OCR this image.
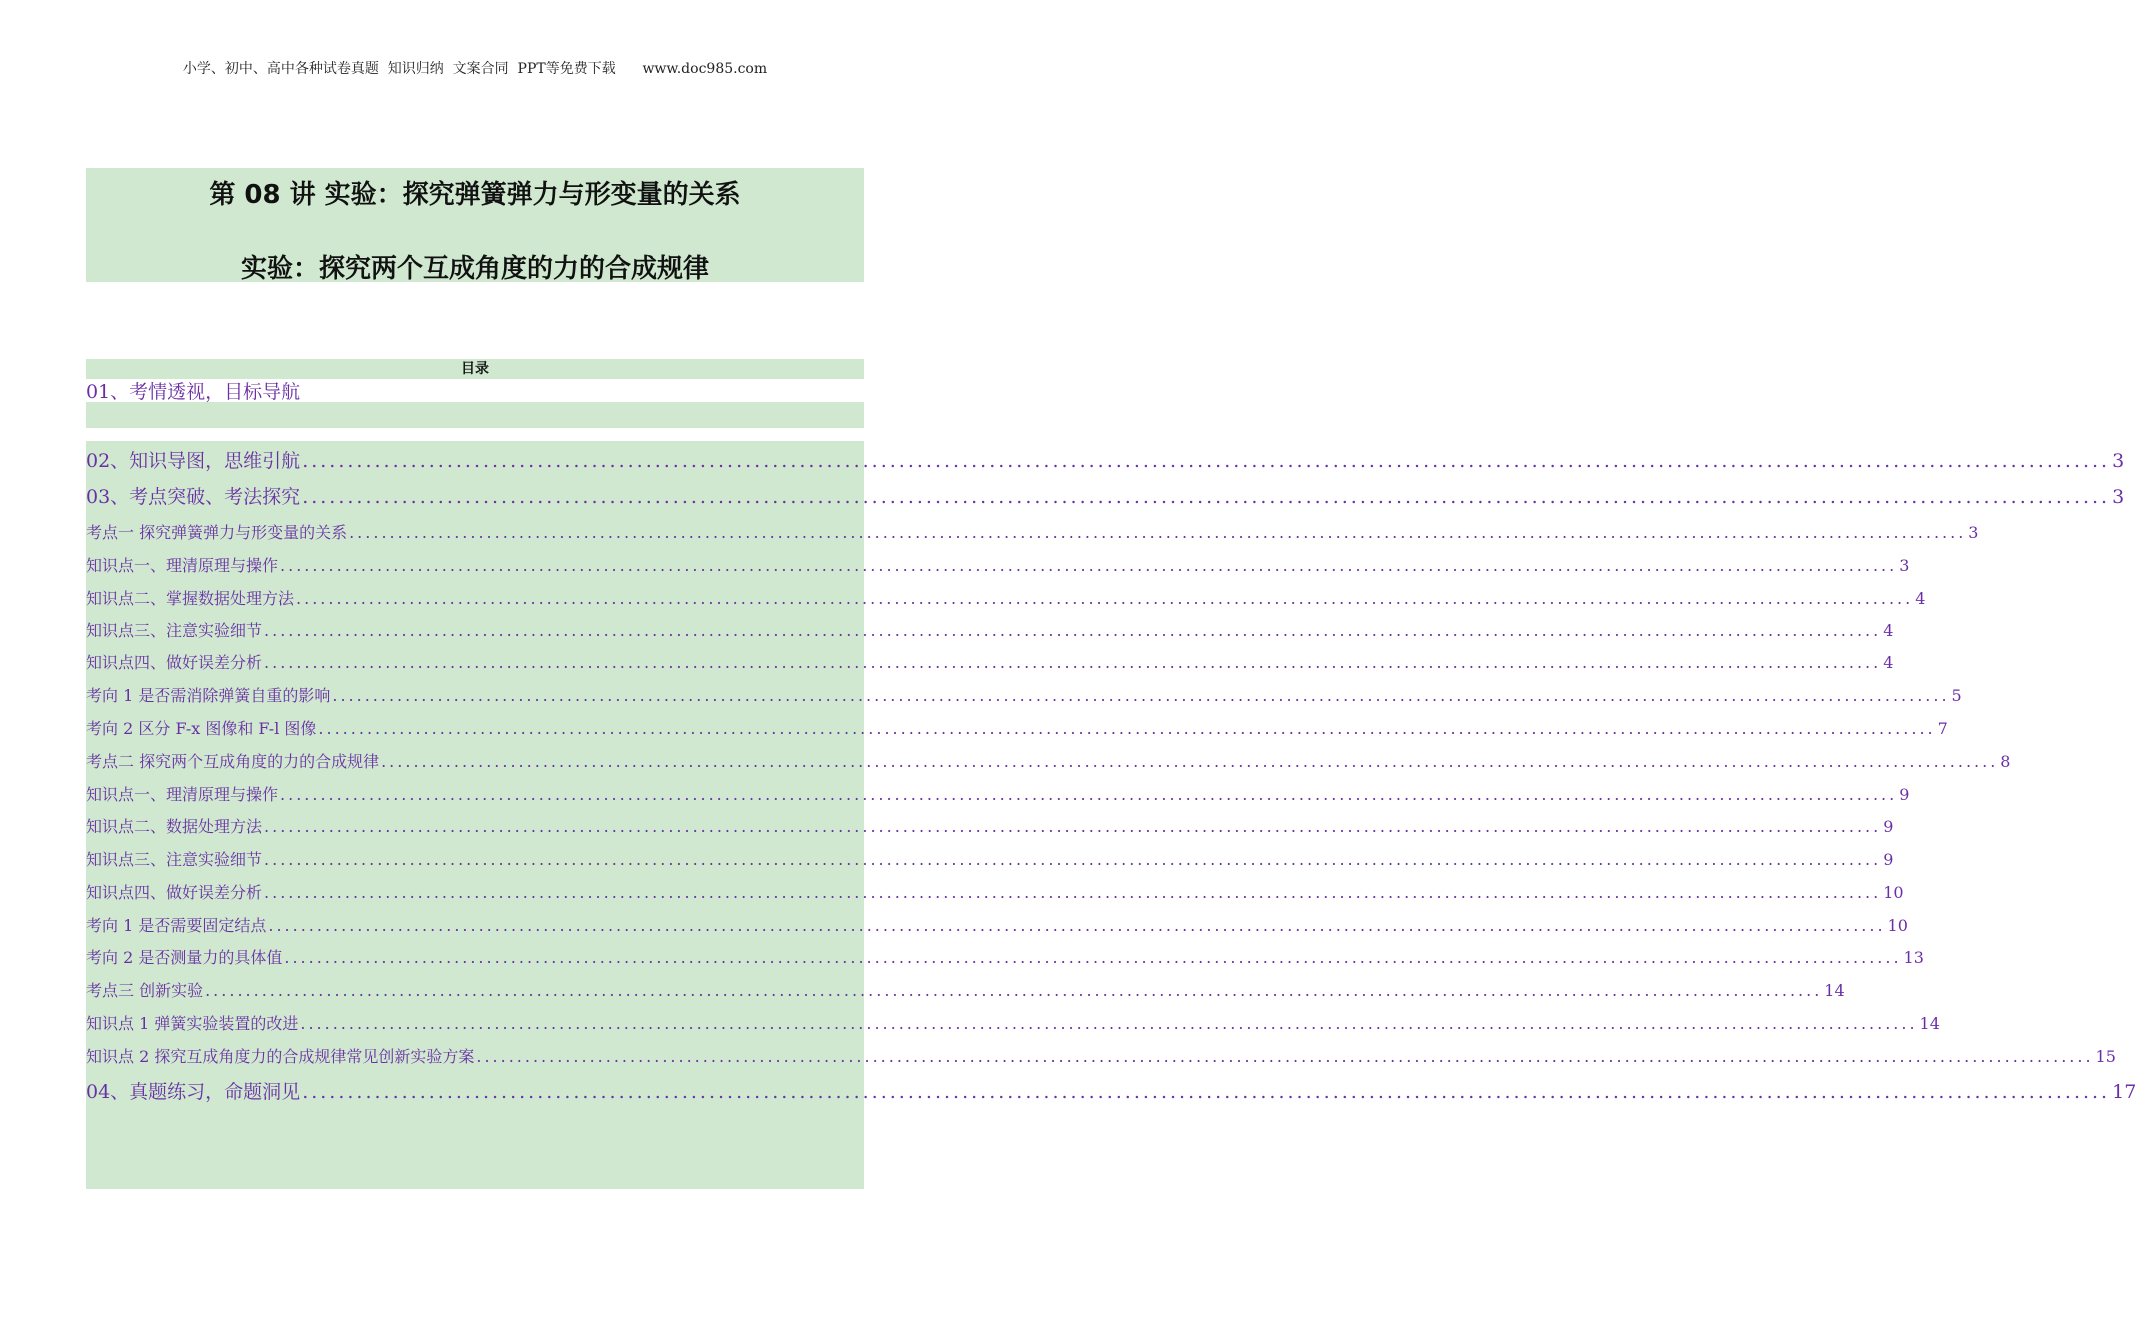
小学、初中、高中各种试卷真题  知识归纳  文案合同  PPT等免费下载      www.doc985.com
第 08 讲 实验：探究弹簧弹力与形变量的关系
实验：探究两个互成角度的力的合成规律
目录
01、考情透视，目标导航
02、知识导图，思维引航 ........................................................................................................................................................................................................ 3
03、考点突破、考法探究 ........................................................................................................................................................................................................ 3
考点一 探究弹簧弹力与形变量的关系 ........................................................................................................................................................................................................ 3
知识点一、理清原理与操作 ........................................................................................................................................................................................................ 3
知识点二、掌握数据处理方法 ........................................................................................................................................................................................................ 4
知识点三、注意实验细节 ........................................................................................................................................................................................................ 4
知识点四、做好误差分析 ........................................................................................................................................................................................................ 4
考向 1 是否需消除弹簧自重的影响 ........................................................................................................................................................................................................ 5
考向 2 区分 F-x 图像和 F-l 图像 ........................................................................................................................................................................................................ 7
考点二 探究两个互成角度的力的合成规律 ........................................................................................................................................................................................................ 8
知识点一、理清原理与操作 ........................................................................................................................................................................................................ 9
知识点二、数据处理方法 ........................................................................................................................................................................................................ 9
知识点三、注意实验细节 ........................................................................................................................................................................................................ 9
知识点四、做好误差分析 ........................................................................................................................................................................................................ 10
考向 1 是否需要固定结点 ........................................................................................................................................................................................................ 10
考向 2 是否测量力的具体值 ........................................................................................................................................................................................................ 13
考点三 创新实验 ........................................................................................................................................................................................................ 14
知识点 1 弹簧实验装置的改进 ........................................................................................................................................................................................................ 14
知识点 2 探究互成角度力的合成规律常见创新实验方案 ........................................................................................................................................................................................................ 15
04、真题练习，命题洞见 ........................................................................................................................................................................................................ 17
